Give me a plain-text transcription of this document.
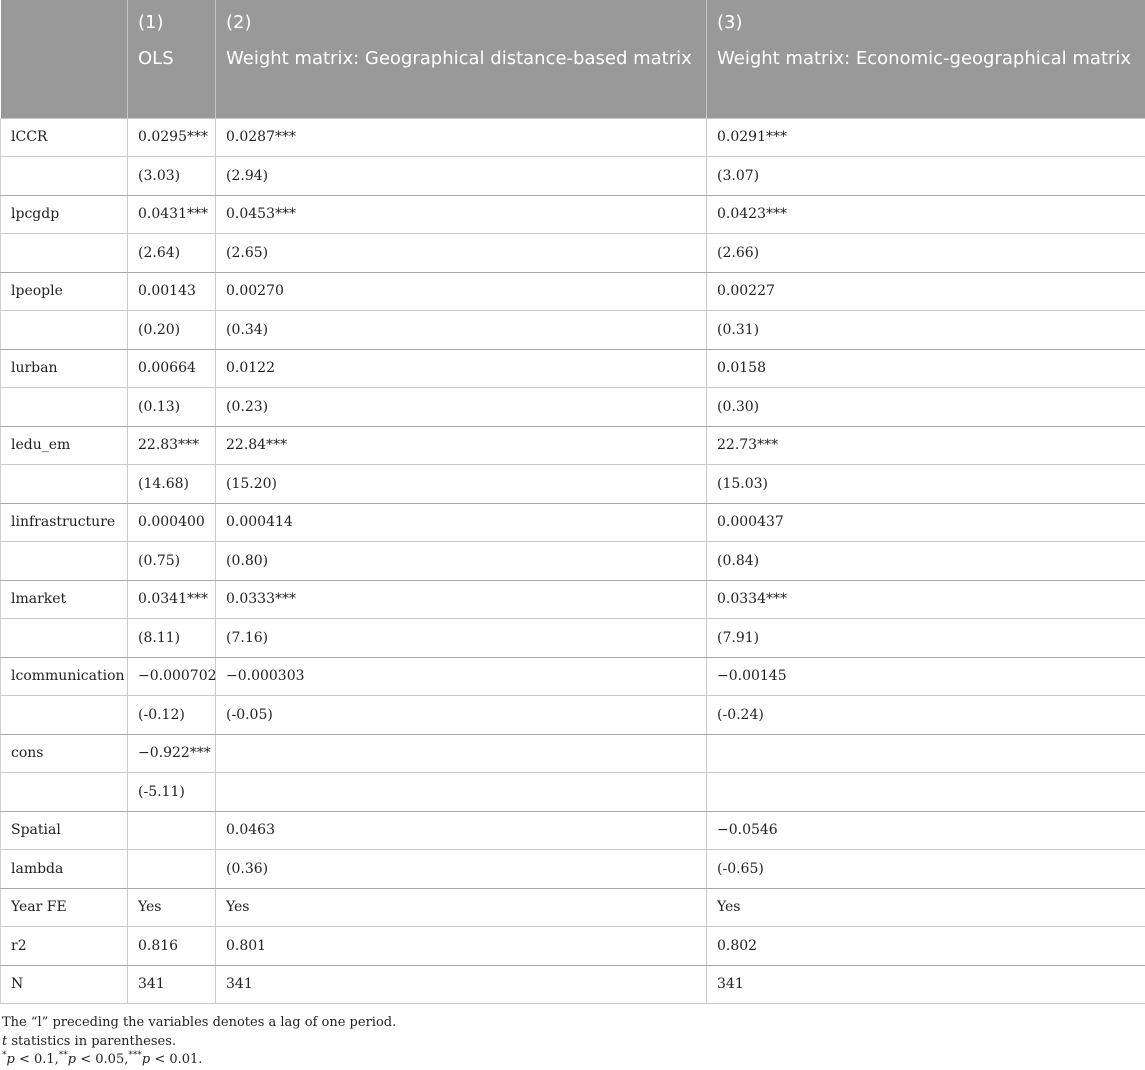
	(1)	(2)	(3)
	OLS	Weight matrix: Geographical distance-based matrix	Weight matrix: Economic-geographical matrix
lCCR	0.0295***	0.0287***	0.0291***
	(3.03)	(2.94)	(3.07)
lpcgdp	0.0431***	0.0453***	0.0423***
	(2.64)	(2.65)	(2.66)
lpeople	0.00143	0.00270	0.00227
	(0.20)	(0.34)	(0.31)
lurban	0.00664	0.0122	0.0158
	(0.13)	(0.23)	(0.30)
ledu_em	22.83***	22.84***	22.73***
	(14.68)	(15.20)	(15.03)
linfrastructure	0.000400	0.000414	0.000437
	(0.75)	(0.80)	(0.84)
lmarket	0.0341***	0.0333***	0.0334***
	(8.11)	(7.16)	(7.91)
lcommunication	−0.000702	−0.000303	−0.00145
	(-0.12)	(-0.05)	(-0.24)
cons	−0.922***		
	(-5.11)		
Spatial		0.0463	−0.0546
lambda		(0.36)	(-0.65)
Year FE	Yes	Yes	Yes
r2	0.816	0.801	0.802
N	341	341	341
The “l” preceding the variables denotes a lag of one period.
t statistics in parentheses.
*p < 0.1,**p < 0.05,***p < 0.01.
